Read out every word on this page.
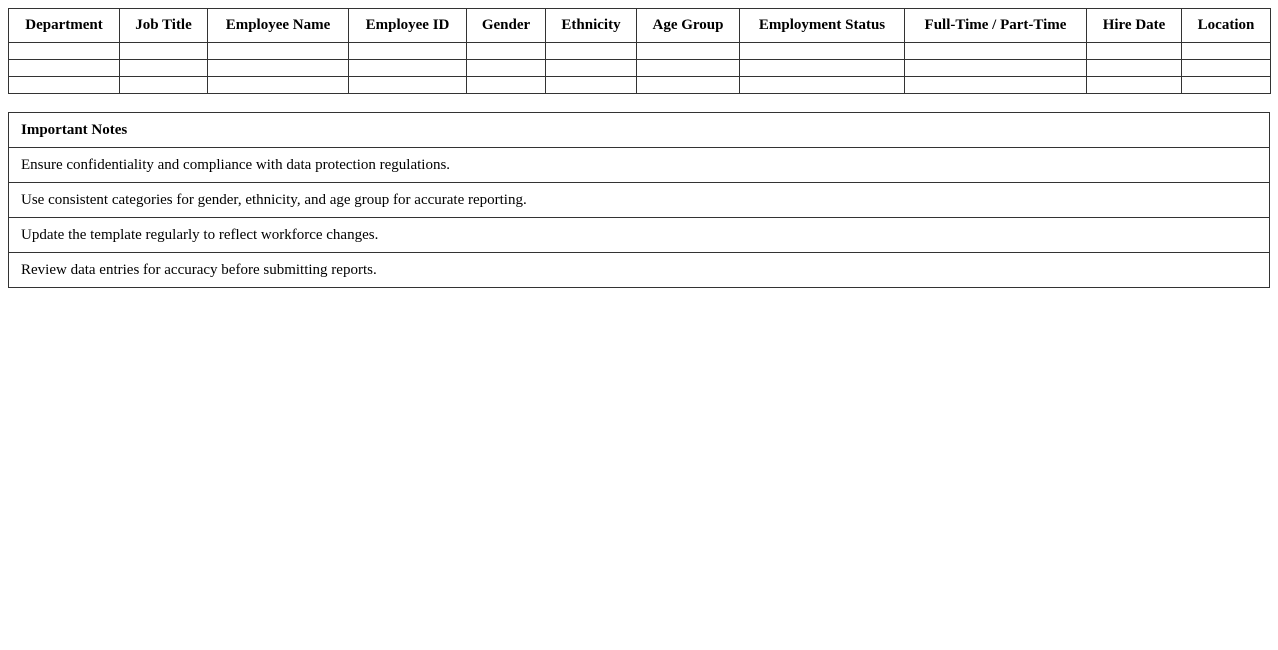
Department	Job Title	Employee Name	Employee ID	Gender	Ethnicity	Age Group	Employment Status	Full-Time / Part-Time	Hire Date	Location

Important Notes
Ensure confidentiality and compliance with data protection regulations.
Use consistent categories for gender, ethnicity, and age group for accurate reporting.
Update the template regularly to reflect workforce changes.
Review data entries for accuracy before submitting reports.
